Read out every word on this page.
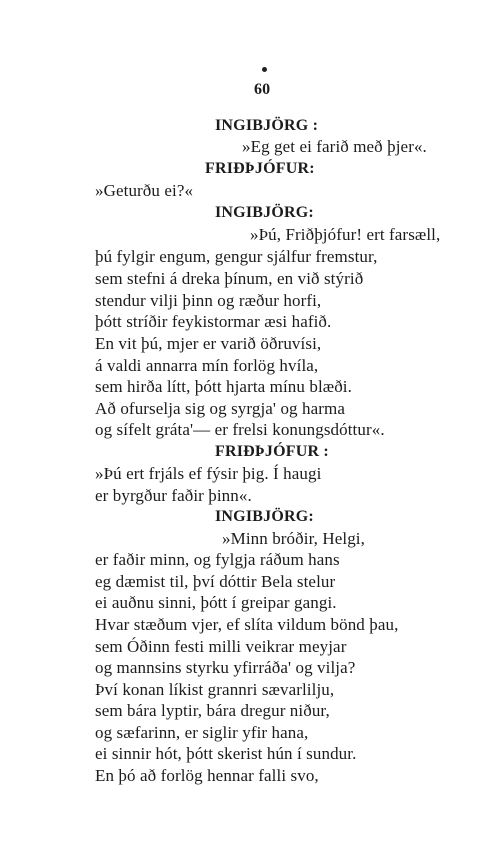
60
INGIBJÖRG :
»Eg get ei farið með þjer«.
FRIÐÞJÓFUR:
»Geturðu ei?«
INGIBJÖRG:
»Þú, Friðþjófur! ert farsæll,
þú fylgir engum, gengur sjálfur fremstur,
sem stefni á dreka þínum, en við stýrið
stendur vilji þinn og ræður horfi,
þótt stríðir feykistormar æsi hafið.
En vit þú, mjer er varið öðruvísi,
á valdi annarra mín forlög hvíla,
sem hirða lítt, þótt hjarta mínu blæði.
Að ofurselja sig og syrgja' og harma
og sífelt gráta'— er frelsi konungsdóttur«.
FRIÐÞJÓFUR :
»Þú ert frjáls ef fýsir þig. Í haugi
er byrgður faðir þinn«.
INGIBJÖRG:
»Minn bróðir, Helgi,
er faðir minn, og fylgja ráðum hans
eg dæmist til, því dóttir Bela stelur
ei auðnu sinni, þótt í greipar gangi.
Hvar stæðum vjer, ef slíta vildum bönd þau,
sem Óðinn festi milli veikrar meyjar
og mannsins styrku yfirráða' og vilja?
Því konan líkist grannri sævarlilju,
sem bára lyptir, bára dregur niður,
og sæfarinn, er siglir yfir hana,
ei sinnir hót, þótt skerist hún í sundur.
En þó að forlög hennar falli svo,
